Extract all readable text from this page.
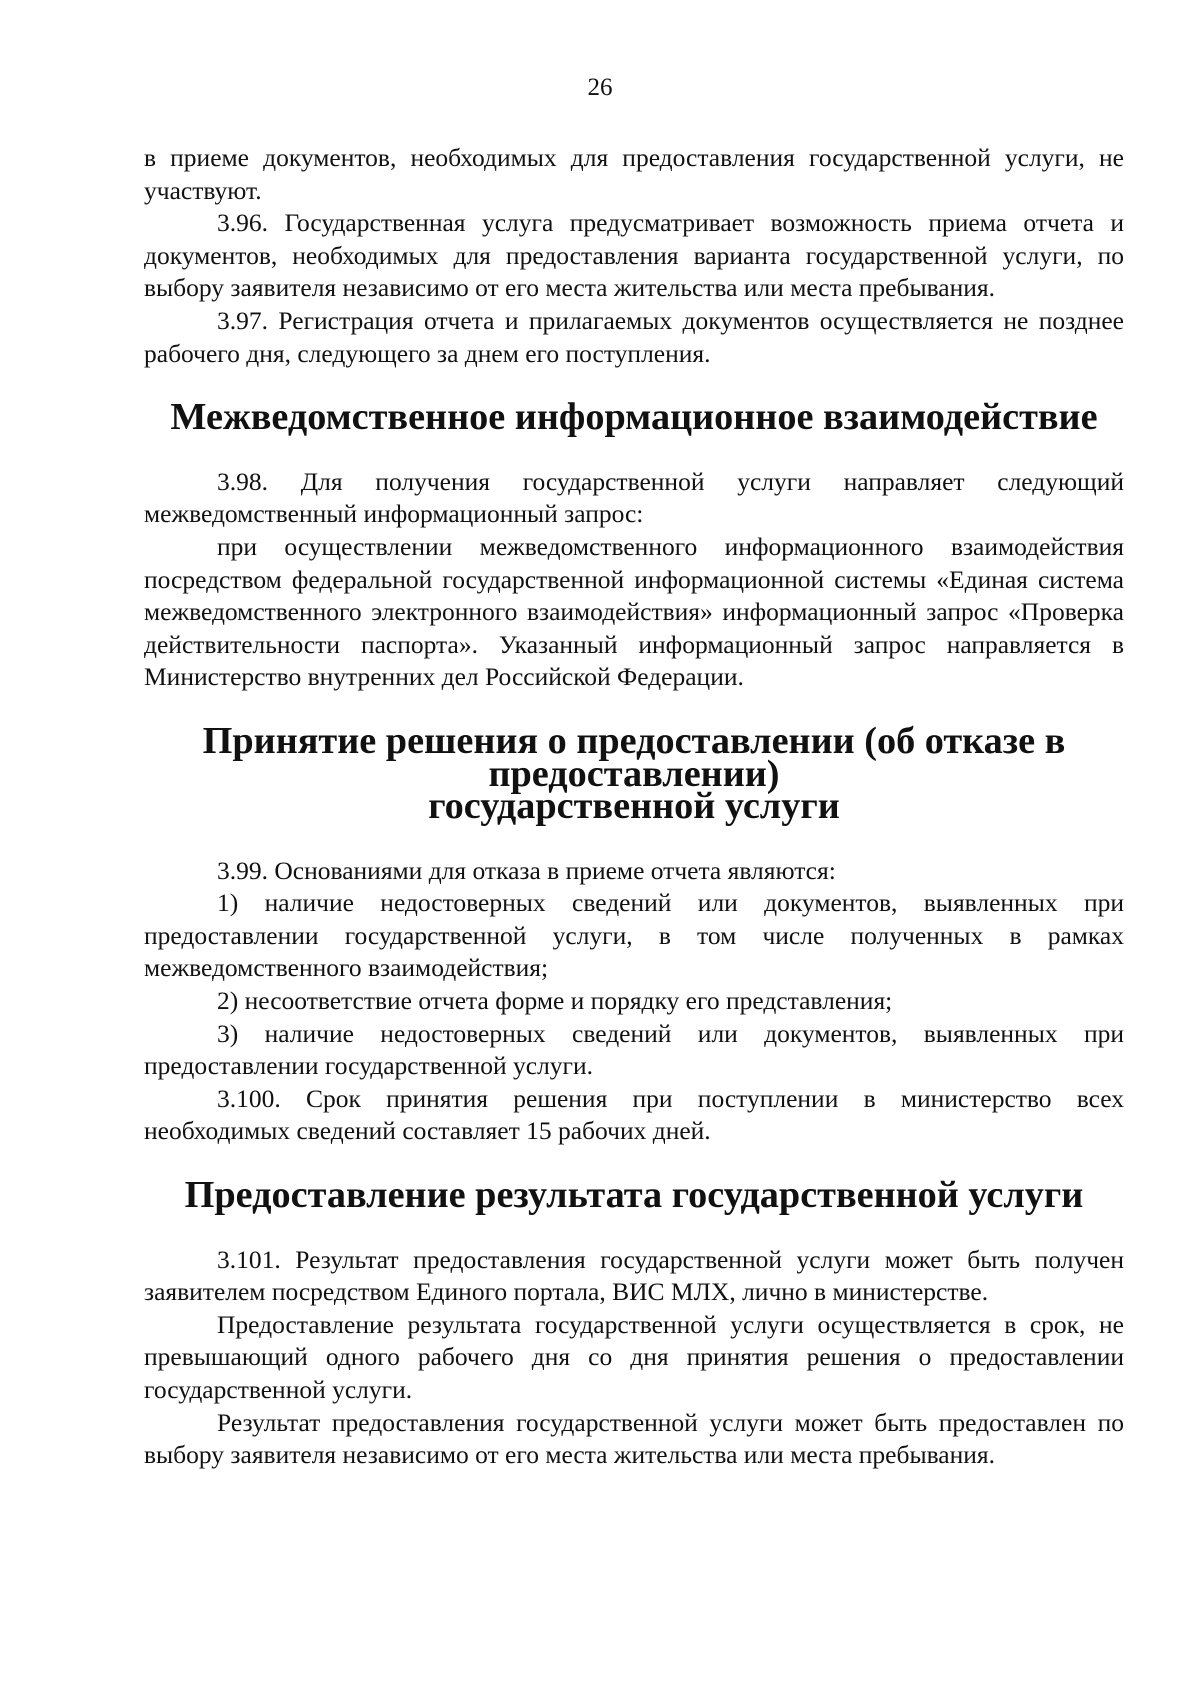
26

в приеме документов, необходимых для предоставления государственной услуги, не участвуют.

3.96. Государственная услуга предусматривает возможность приема отчета и документов, необходимых для предоставления варианта государственной услуги, по выбору заявителя независимо от его места жительства или места пребывания.

3.97. Регистрация отчета и прилагаемых документов осуществляется не позднее рабочего дня, следующего за днем его поступления.

Межведомственное информационное взаимодействие

3.98. Для получения государственной услуги направляет следующий межведомственный информационный запрос:

при осуществлении межведомственного информационного взаимодействия посредством федеральной государственной информационной системы «Единая система межведомственного электронного взаимодействия» информационный запрос «Проверка действительности паспорта». Указанный информационный запрос направляется в Министерство внутренних дел Российской Федерации.

Принятие решения о предоставлении (об отказе в предоставлении)
государственной услуги

3.99. Основаниями для отказа в приеме отчета являются:

1) наличие недостоверных сведений или документов, выявленных при предоставлении государственной услуги, в том числе полученных в рамках межведомственного взаимодействия;

2) несоответствие отчета форме и порядку его представления;

3) наличие недостоверных сведений или документов, выявленных при предоставлении государственной услуги.

3.100. Срок принятия решения при поступлении в министерство всех необходимых сведений составляет 15 рабочих дней.

Предоставление результата государственной услуги

3.101. Результат предоставления государственной услуги может быть получен заявителем посредством Единого портала, ВИС МЛХ, лично в министерстве.

Предоставление результата государственной услуги осуществляется в срок, не превышающий одного рабочего дня со дня принятия решения о предоставлении государственной услуги.

Результат предоставления государственной услуги может быть предоставлен по выбору заявителя независимо от его места жительства или места пребывания.
